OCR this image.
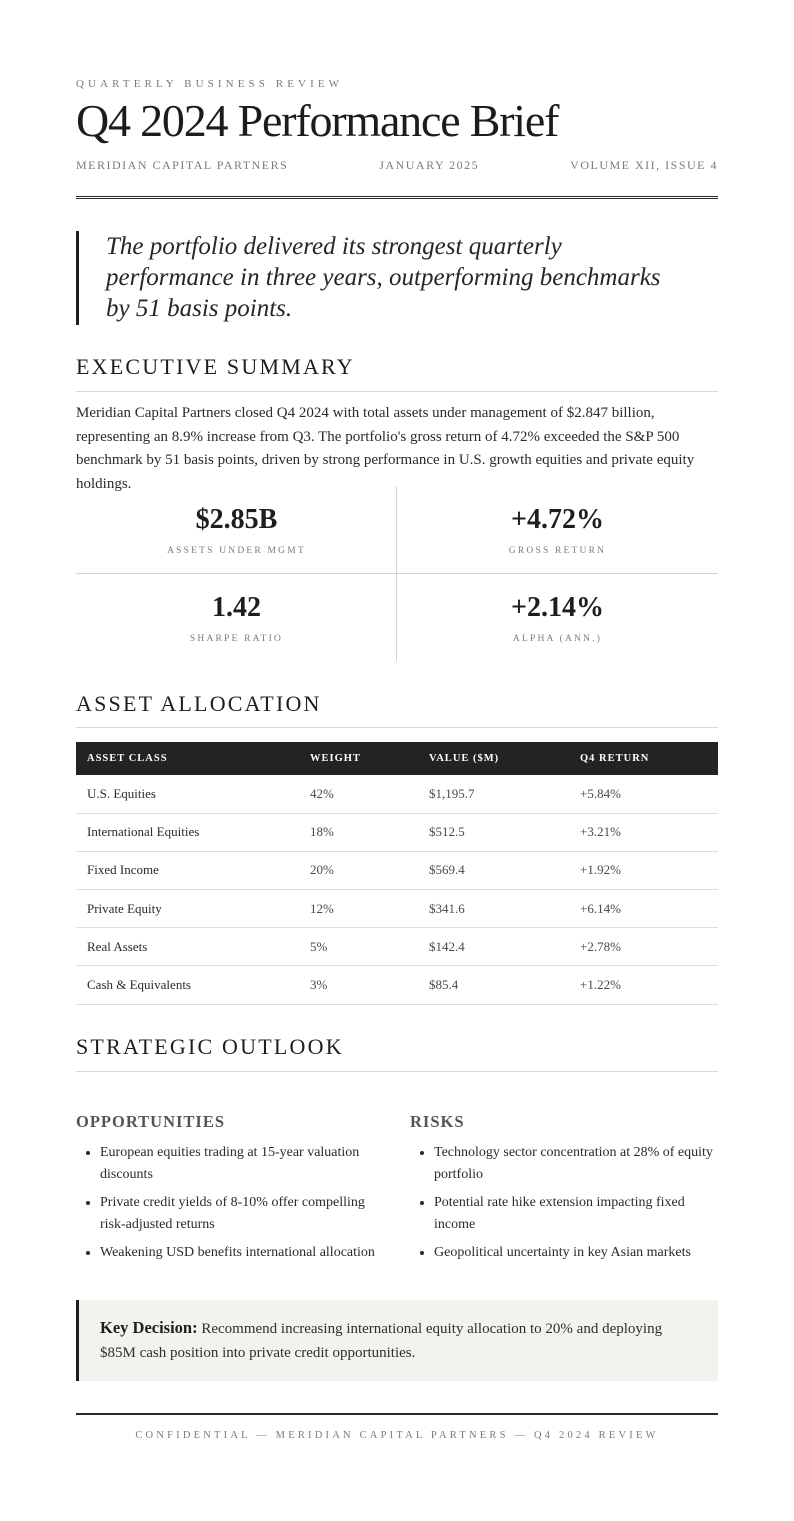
QUARTERLY BUSINESS REVIEW
Q4 2024 Performance Brief
MERIDIAN CAPITAL PARTNERS	JANUARY 2025	VOLUME XII, ISSUE 4
The portfolio delivered its strongest quarterly performance in three years, outperforming benchmarks by 51 basis points.
EXECUTIVE SUMMARY

Meridian Capital Partners closed Q4 2024 with total assets under management of $2.847 billion, representing an 8.9% increase from Q3. The portfolio's gross return of 4.72% exceeded the S&P 500 benchmark by 51 basis points, driven by strong performance in U.S. growth equities and private equity holdings.

$2.85B
ASSETS UNDER MGMT
+4.72%
GROSS RETURN
1.42
SHARPE RATIO
+2.14%
ALPHA (ANN.)
ASSET ALLOCATION
ASSET CLASS	WEIGHT	VALUE ($M)	Q4 RETURN
U.S. Equities	42%	$1,195.7	+5.84%
International Equities	18%	$512.5	+3.21%
Fixed Income	20%	$569.4	+1.92%
Private Equity	12%	$341.6	+6.14%
Real Assets	5%	$142.4	+2.78%
Cash & Equivalents	3%	$85.4	+1.22%
STRATEGIC OUTLOOK
OPPORTUNITIES
• European equities trading at 15-year valuation discounts
• Private credit yields of 8-10% offer compelling risk-adjusted returns
• Weakening USD benefits international allocation
RISKS
• Technology sector concentration at 28% of equity portfolio
• Potential rate hike extension impacting fixed income
• Geopolitical uncertainty in key Asian markets
Key Decision: Recommend increasing international equity allocation to 20% and deploying $85M cash position into private credit opportunities.
CONFIDENTIAL — MERIDIAN CAPITAL PARTNERS — Q4 2024 REVIEW
